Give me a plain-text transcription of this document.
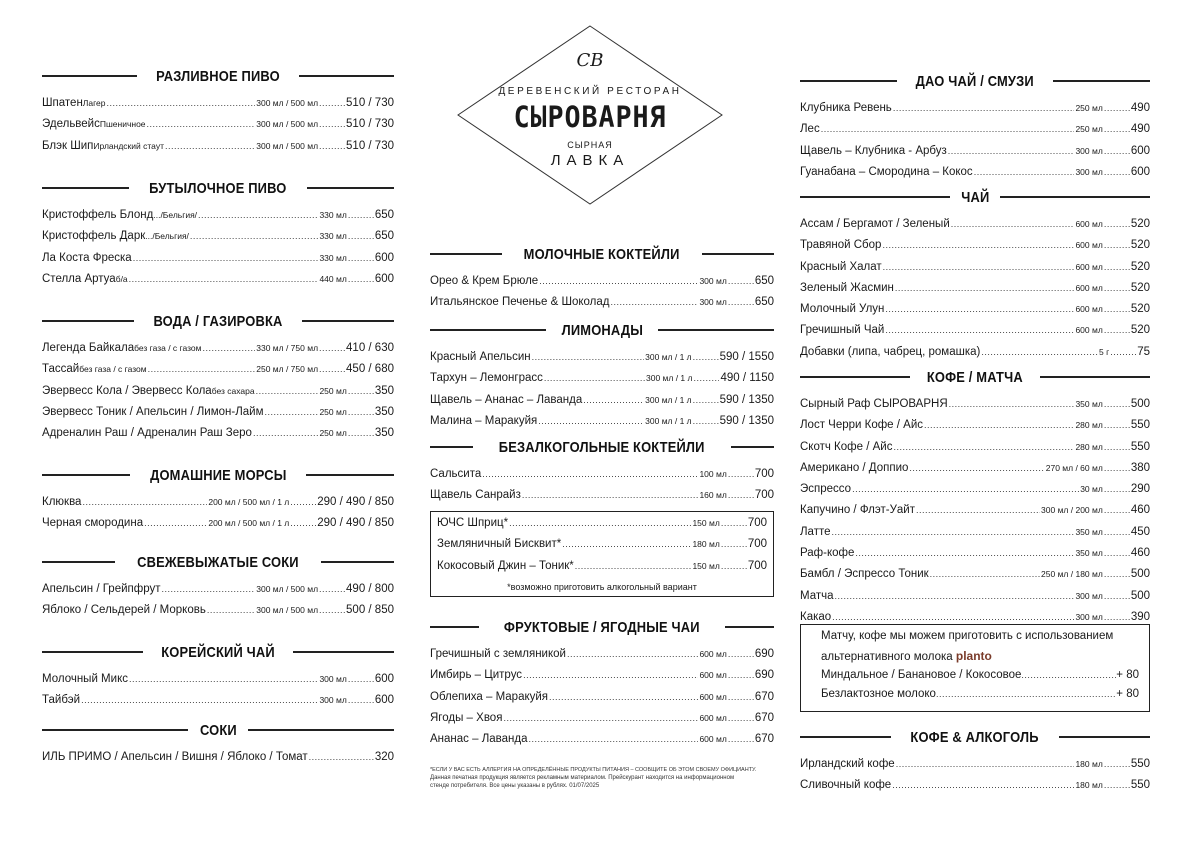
CB
ДЕРЕВЕНСКИЙ РЕСТОРАН
СЫРОВАРНЯ
СЫРНАЯ
ЛАВКА
РАЗЛИВНОЕ ПИВО
Шпатен Лагер .....	300 мл / 500 мл ..... 510 / 730
Эдельвейс Пшеничное .....	300 мл / 500 мл ..... 510 / 730
Блэк Шип Ирландский стаут .....	300 мл / 500 мл ..... 510 / 730
БУТЫЛОЧНОЕ ПИВО
Кристоффель Блонд .../Бельгия/ .....	330 мл ..... 650
Кристоффель Дарк .../Бельгия/ .....	330 мл ..... 650
Ла Коста Фреска .....	330 мл ..... 600
Стелла Артуа б/а .....	440 мл ..... 600
ВОДА / ГАЗИРОВКА
Легенда Байкала без газа / с газом .....	330 мл / 750 мл ..... 410 / 630
Тассай без газа / с газом .....	250 мл / 750 мл ..... 450 / 680
Эвервесс Кола / Эвервесс Кола без сахара .....	250 мл ..... 350
Эвервесс Тоник / Апельсин / Лимон-Лайм .....	250 мл ..... 350
Адреналин Раш / Адреналин Раш Зеро .....	250 мл ..... 350
ДОМАШНИЕ МОРСЫ
Клюква .....	200 мл / 500 мл / 1 л ..... 290 / 490 / 850
Черная смородина .....	200 мл / 500 мл / 1 л ..... 290 / 490 / 850
СВЕЖЕВЫЖАТЫЕ СОКИ
Апельсин / Грейпфрут .....	300 мл / 500 мл ..... 490 / 800
Яблоко / Сельдерей / Морковь .....	300 мл / 500 мл ..... 500 / 850
КОРЕЙСКИЙ ЧАЙ
Молочный Микс .....	300 мл ..... 600
Тайбэй .....	300 мл ..... 600
СОКИ
ИЛЬ ПРИМО / Апельсин / Вишня / Яблоко / Томат .....	320
МОЛОЧНЫЕ КОКТЕЙЛИ
Орео & Крем Брюле .....	300 мл ..... 650
Итальянское Печенье & Шоколад .....	300 мл ..... 650
ЛИМОНАДЫ
Красный Апельсин .....	300 мл / 1 л ..... 590 / 1550
Тархун – Лемонграсс .....	300 мл / 1 л ..... 490 / 1150
Щавель – Ананас – Лаванда .....	300 мл / 1 л ..... 590 / 1350
Малина – Маракуйя .....	300 мл / 1 л ..... 590 / 1350
БЕЗАЛКОГОЛЬНЫЕ КОКТЕЙЛИ
Сальсита .....	100 мл ..... 700
Щавель Санрайз .....	160 мл ..... 700
ФРУКТОВЫЕ / ЯГОДНЫЕ ЧАИ
Гречишный с земляникой .....	600 мл ..... 690
Имбирь – Цитрус .....	600 мл ..... 690
Облепиха – Маракуйя .....	600 мл ..... 670
Ягоды – Хвоя .....	600 мл ..... 670
Ананас – Лаванда .....	600 мл ..... 670
ДАО ЧАЙ / СМУЗИ
Клубника Ревень .....	250 мл ..... 490
Лес .....	250 мл ..... 490
Щавель – Клубника - Арбуз .....	300 мл ..... 600
Гуанабана – Смородина – Кокос .....	300 мл ..... 600
ЧАЙ
Ассам / Бергамот / Зеленый .....	600 мл ..... 520
Травяной Сбор .....	600 мл ..... 520
Красный Халат .....	600 мл ..... 520
Зеленый Жасмин .....	600 мл ..... 520
Молочный Улун .....	600 мл ..... 520
Гречишный Чай .....	600 мл ..... 520
Добавки (липа, чабрец, ромашка) .....	5 г ..... 75
КОФЕ / МАТЧА
Сырный Раф СЫРОВАРНЯ .....	350 мл ..... 500
Лост Черри Кофе / Айс .....	280 мл ..... 550
Скотч Кофе / Айс .....	280 мл ..... 550
Американо / Доппио .....	270 мл / 60 мл ..... 380
Эспрессо .....	30 мл ..... 290
Капучино / Флэт-Уайт .....	300 мл / 200 мл ..... 460
Латте .....	350 мл ..... 450
Раф-кофе .....	350 мл ..... 460
Бамбл / Эспрессо Тоник .....	250 мл / 180 мл ..... 500
Матча .....	300 мл ..... 500
Какао .....	300 мл ..... 390
КОФЕ & АЛКОГОЛЬ
Ирландский кофе .....	180 мл ..... 550
Сливочный кофе .....	180 мл ..... 550
ЮЧС Шприц* .....	150 мл ..... 700
Земляничный Бисквит* .....	180 мл ..... 700
Кокосовый Джин – Тоник* .....	150 мл ..... 700
*возможно приготовить алкогольный вариант
Матчу, кофе мы можем приготовить с использованием
альтернативного молока
planto
Миндальное / Банановое / Кокосовое .....	+ 80
Безлактозное молоко .....	+ 80
*ЕСЛИ У ВАС ЕСТЬ АЛЛЕРГИЯ НА ОПРЕДЕЛЁННЫЕ ПРОДУКТЫ ПИТАНИЯ – СООБЩИТЕ ОБ ЭТОМ СВОЕМУ ОФИЦИАНТУ.
Данная печатная продукция является рекламным материалом. Прейскурант находится на информационном
стенде потребителя. Все цены указаны в рублях. 01/07/2025
